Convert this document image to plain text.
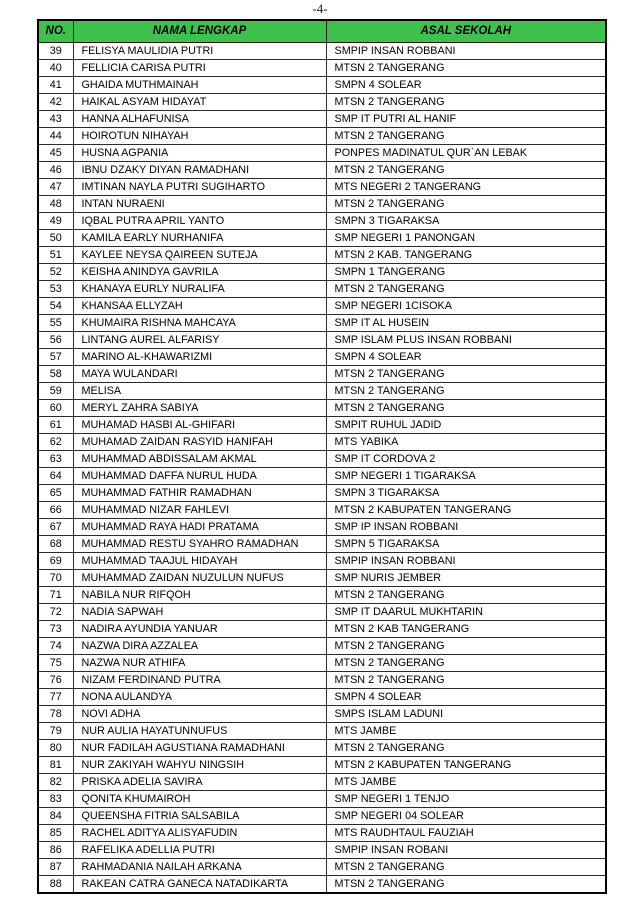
-4-
NO.	NAMA LENGKAP	ASAL SEKOLAH
39	FELISYA MAULIDIA PUTRI	SMPIP INSAN ROBBANI
40	FELLICIA CARISA PUTRI	MTSN 2 TANGERANG
41	GHAIDA MUTHMAINAH	SMPN 4 SOLEAR
42	HAIKAL ASYAM HIDAYAT	MTSN 2 TANGERANG
43	HANNA ALHAFUNISA	SMP IT PUTRI AL HANIF
44	HOIROTUN NIHAYAH	MTSN 2 TANGERANG
45	HUSNA AGPANIA	PONPES MADINATUL QUR`AN LEBAK
46	IBNU DZAKY DIYAN RAMADHANI	MTSN 2 TANGERANG
47	IMTINAN NAYLA PUTRI SUGIHARTO	MTS NEGERI 2 TANGERANG
48	INTAN NURAENI	MTSN 2 TANGERANG
49	IQBAL PUTRA APRIL YANTO	SMPN 3 TIGARAKSA
50	KAMILA EARLY NURHANIFA	SMP NEGERI 1 PANONGAN
51	KAYLEE NEYSA QAIREEN SUTEJA	MTSN 2 KAB. TANGERANG
52	KEISHA ANINDYA GAVRILA	SMPN 1 TANGERANG
53	KHANAYA EURLY NURALIFA	MTSN 2 TANGERANG
54	KHANSAA ELLYZAH	SMP NEGERI 1CISOKA
55	KHUMAIRA RISHNA MAHCAYA	SMP IT AL HUSEIN
56	LINTANG AUREL ALFARISY	SMP ISLAM PLUS INSAN ROBBANI
57	MARINO AL-KHAWARIZMI	SMPN 4 SOLEAR
58	MAYA WULANDARI	MTSN 2 TANGERANG
59	MELISA	MTSN 2 TANGERANG
60	MERYL ZAHRA SABIYA	MTSN 2 TANGERANG
61	MUHAMAD HASBI AL-GHIFARI	SMPIT RUHUL JADID
62	MUHAMAD ZAIDAN RASYID HANIFAH	MTS YABIKA
63	MUHAMMAD ABDISSALAM AKMAL	SMP IT CORDOVA 2
64	MUHAMMAD DAFFA NURUL HUDA	SMP NEGERI 1 TIGARAKSA
65	MUHAMMAD FATHIR RAMADHAN	SMPN 3 TIGARAKSA
66	MUHAMMAD NIZAR FAHLEVI	MTSN 2 KABUPATEN TANGERANG
67	MUHAMMAD RAYA HADI PRATAMA	SMP IP INSAN ROBBANI
68	MUHAMMAD RESTU SYAHRO RAMADHAN	SMPN 5 TIGARAKSA
69	MUHAMMAD TAAJUL HIDAYAH	SMPIP INSAN ROBBANI
70	MUHAMMAD ZAIDAN NUZULUN NUFUS	SMP NURIS JEMBER
71	NABILA NUR RIFQOH	MTSN 2 TANGERANG
72	NADIA SAPWAH	SMP IT DAARUL MUKHTARIN
73	NADIRA AYUNDIA YANUAR	MTSN 2 KAB TANGERANG
74	NAZWA DIRA AZZALEA	MTSN 2 TANGERANG
75	NAZWA NUR ATHIFA	MTSN 2 TANGERANG
76	NIZAM FERDINAND PUTRA	MTSN 2 TANGERANG
77	NONA AULANDYA	SMPN 4 SOLEAR
78	NOVI ADHA	SMPS ISLAM LADUNI
79	NUR AULIA HAYATUNNUFUS	MTS JAMBE
80	NUR FADILAH AGUSTIANA RAMADHANI	MTSN 2 TANGERANG
81	NUR ZAKIYAH WAHYU NINGSIH	MTSN 2 KABUPATEN TANGERANG
82	PRISKA ADELIA SAVIRA	MTS JAMBE
83	QONITA KHUMAIROH	SMP NEGERI 1 TENJO
84	QUEENSHA FITRIA SALSABILA	SMP NEGERI 04 SOLEAR
85	RACHEL ADITYA ALISYAFUDIN	MTS RAUDHTAUL FAUZIAH
86	RAFELIKA ADELLIA PUTRI	SMPIP INSAN ROBANI
87	RAHMADANIA NAILAH ARKANA	MTSN 2 TANGERANG
88	RAKEAN CATRA GANECA NATADIKARTA	MTSN 2 TANGERANG
